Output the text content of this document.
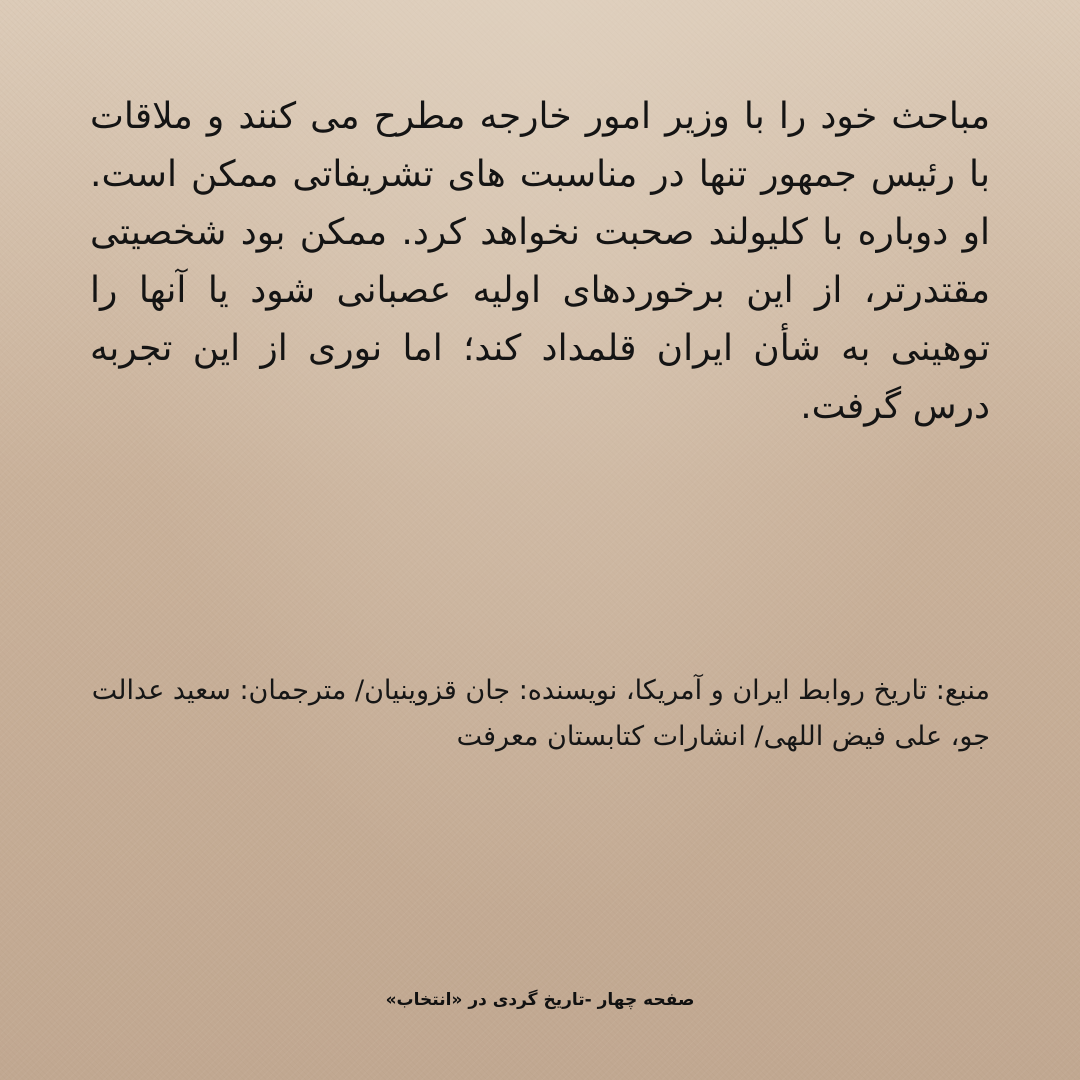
مباحث خود را با وزیر امور خارجه مطرح می کنند و ملاقات با رئیس جمهور تنها در مناسبت های تشریفاتی ممکن است. او دوباره با کلیولند صحبت نخواهد کرد. ممکن بود شخصیتی مقتدرتر، از این برخوردهای اولیه عصبانی شود یا آنها را توهینی به شأن ایران قلمداد کند؛ اما نوری از این تجربه درس گرفت.

منبع: تاریخ روابط ایران و آمریکا، نویسنده: جان قزوینیان/ مترجمان: سعید عدالت جو، علی فیض اللهی/ انشارات کتابستان معرفت

صفحه چهار -تاریخ گردی در «انتخاب»
